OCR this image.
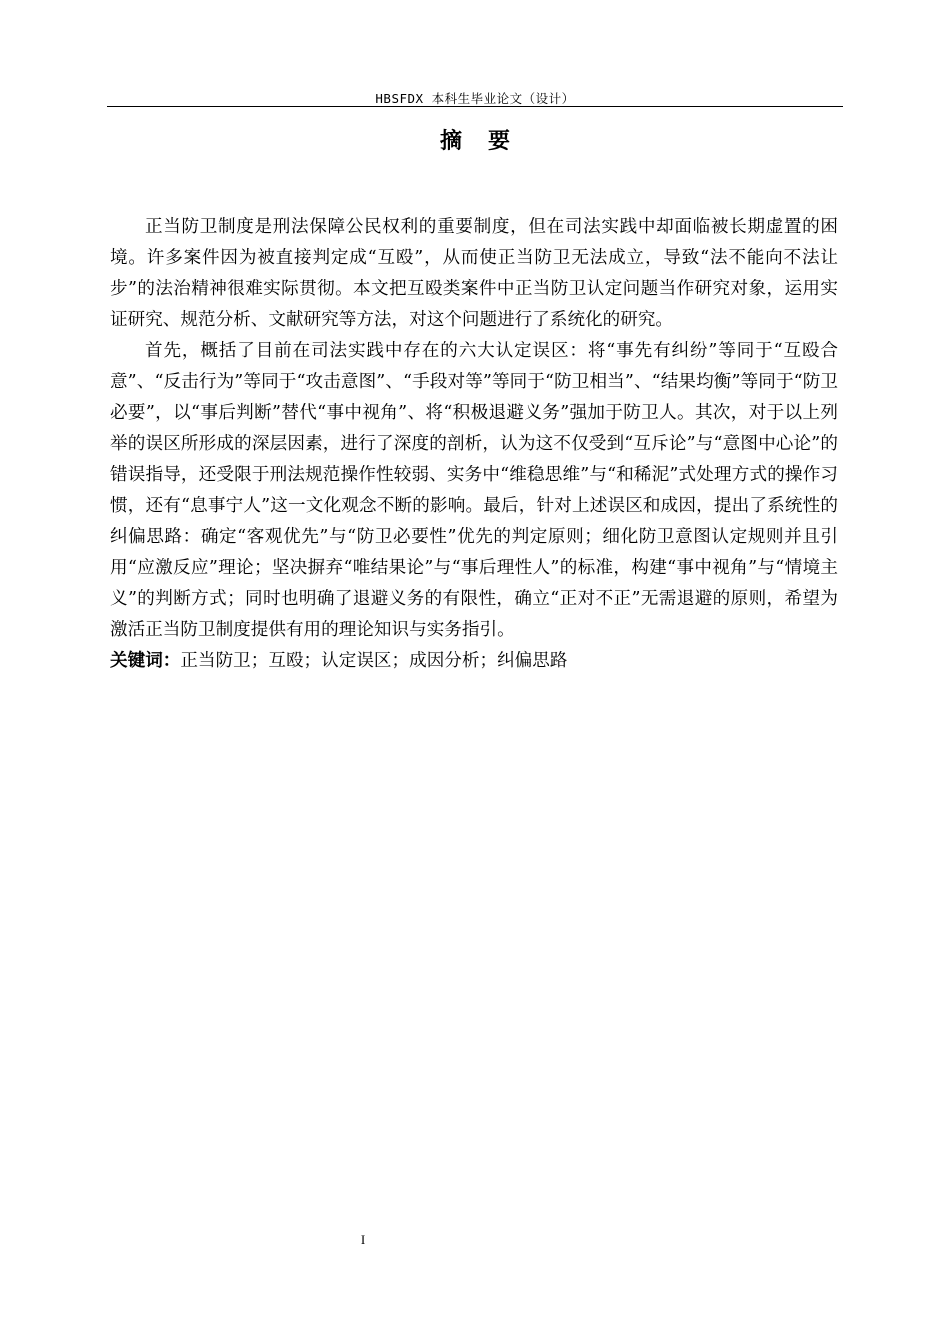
HBSFDX 本科生毕业论文（设计）
摘要

正当防卫制度是刑法保障公民权利的重要制度，但在司法实践中却面临被长期虚置的困境。许多案件因为被直接判定成“互殴”，从而使正当防卫无法成立，导致“法不能向不法让步”的法治精神很难实际贯彻。本文把互殴类案件中正当防卫认定问题当作研究对象，运用实证研究、规范分析、文献研究等方法，对这个问题进行了系统化的研究。

首先，概括了目前在司法实践中存在的六大认定误区：将“事先有纠纷”等同于“互殴合意”、“反击行为”等同于“攻击意图”、“手段对等”等同于“防卫相当”、“结果均衡”等同于“防卫必要”，以“事后判断”替代“事中视角”、将“积极退避义务”强加于防卫人。其次，对于以上列举的误区所形成的深层因素，进行了深度的剖析，认为这不仅受到“互斥论”与“意图中心论”的错误指导，还受限于刑法规范操作性较弱、实务中“维稳思维”与“和稀泥”式处理方式的操作习惯，还有“息事宁人”这一文化观念不断的影响。最后，针对上述误区和成因，提出了系统性的纠偏思路：确定“客观优先”与“防卫必要性”优先的判定原则；细化防卫意图认定规则并且引用“应激反应”理论；坚决摒弃“唯结果论”与“事后理性人”的标准，构建“事中视角”与“情境主义”的判断方式；同时也明确了退避义务的有限性，确立“正对不正”无需退避的原则，希望为激活正当防卫制度提供有用的理论知识与实务指引。

关键词：正当防卫；互殴；认定误区；成因分析；纠偏思路

I
